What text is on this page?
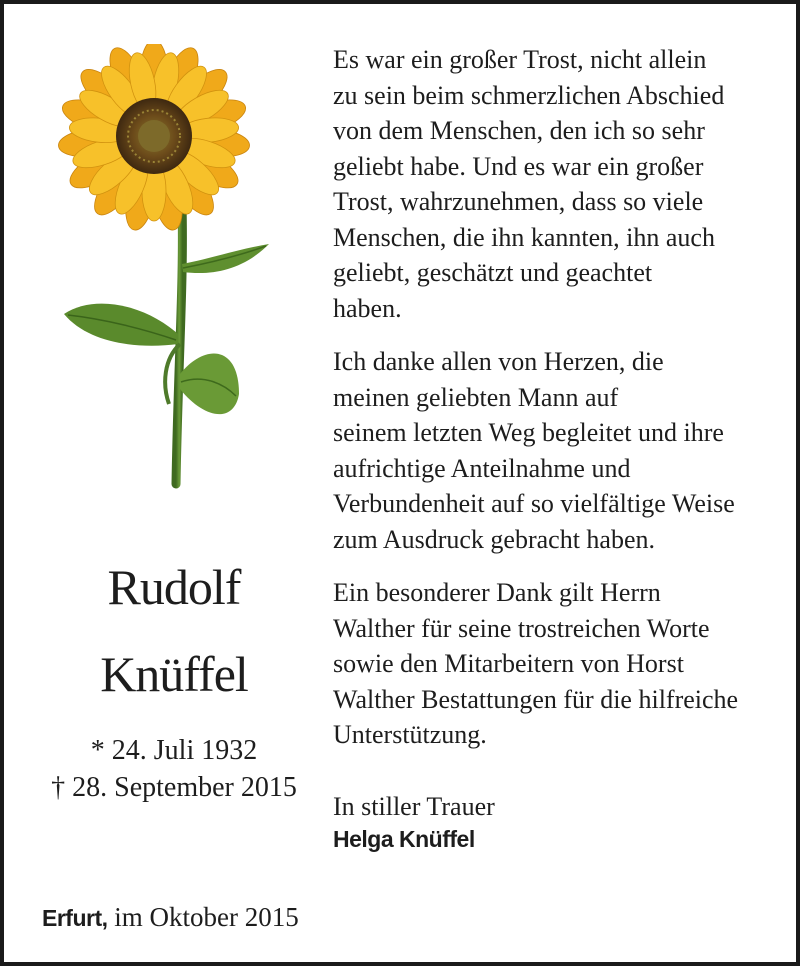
Rudolf
Knüffel
* 24. Juli 1932
† 28. September 2015

Es war ein großer Trost, nicht allein

zu sein beim schmerzlichen Abschied

von dem Menschen, den ich so sehr

geliebt habe. Und es war ein großer

Trost, wahrzunehmen, dass so viele

Menschen, die ihn kannten, ihn auch

geliebt, geschätzt und geachtet

haben.

Ich danke allen von Herzen, die

meinen geliebten Mann auf

seinem letzten Weg begleitet und ihre

aufrichtige Anteilnahme und

Verbundenheit auf so vielfältige Weise

zum Ausdruck gebracht haben.

Ein besonderer Dank gilt Herrn

Walther für seine trostreichen Worte

sowie den Mitarbeitern von Horst

Walther Bestattungen für die hilfreiche

Unterstützung.

In stiller Trauer
Helga Knüffel
Erfurt, im Oktober 2015
